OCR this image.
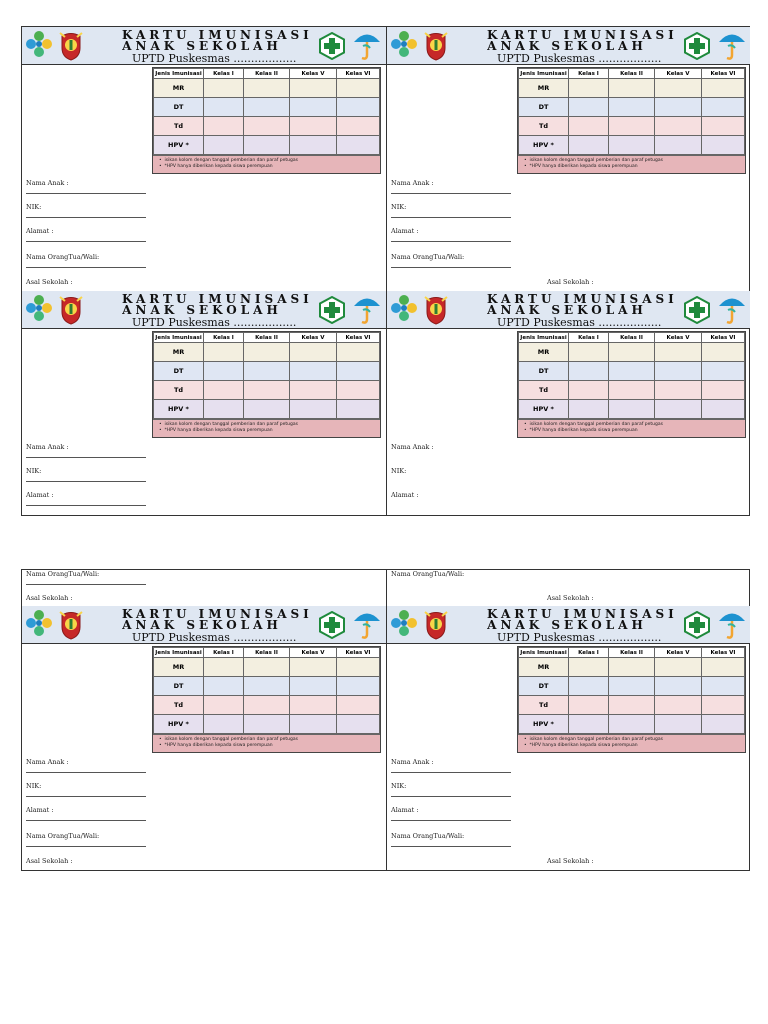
KARTU IMUNISASI
ANAK SEKOLAH
UPTD Puskesmas ..................
Jenis Imunisasi	Kelas I	Kelas II	Kelas V	Kelas VI
MR				
DT				
Td				
HPV *				
•  isikan kolom dengan tanggal pemberian dan paraf petugas
•  *HPV hanya diberikan kepada siswa perempuan
Nama Anak :
NIK:
Alamat :
Nama OrangTua/Wali:
Asal Sekolah :
KARTU IMUNISASI
ANAK SEKOLAH
UPTD Puskesmas ..................
Jenis Imunisasi	Kelas I	Kelas II	Kelas V	Kelas VI
MR				
DT				
Td				
HPV *				
•  isikan kolom dengan tanggal pemberian dan paraf petugas
•  *HPV hanya diberikan kepada siswa perempuan
Nama Anak :
NIK:
Alamat :
Nama OrangTua/Wali:
Asal Sekolah :
KARTU IMUNISASI
ANAK SEKOLAH
UPTD Puskesmas ..................
Jenis Imunisasi	Kelas I	Kelas II	Kelas V	Kelas VI
MR				
DT				
Td				
HPV *				
•  isikan kolom dengan tanggal pemberian dan paraf petugas
•  *HPV hanya diberikan kepada siswa perempuan
Nama Anak :
NIK:
Alamat :
KARTU IMUNISASI
ANAK SEKOLAH
UPTD Puskesmas ..................
Jenis Imunisasi	Kelas I	Kelas II	Kelas V	Kelas VI
MR				
DT				
Td				
HPV *				
•  isikan kolom dengan tanggal pemberian dan paraf petugas
•  *HPV hanya diberikan kepada siswa perempuan
Nama Anak :
NIK:
Alamat :
Nama OrangTua/Wali:
Asal Sekolah :
Nama OrangTua/Wali:
Asal Sekolah :
KARTU IMUNISASI
ANAK SEKOLAH
UPTD Puskesmas ..................
Jenis Imunisasi	Kelas I	Kelas II	Kelas V	Kelas VI
MR				
DT				
Td				
HPV *				
•  isikan kolom dengan tanggal pemberian dan paraf petugas
•  *HPV hanya diberikan kepada siswa perempuan
Nama Anak :
NIK:
Alamat :
Nama OrangTua/Wali:
Asal Sekolah :
KARTU IMUNISASI
ANAK SEKOLAH
UPTD Puskesmas ..................
Jenis Imunisasi	Kelas I	Kelas II	Kelas V	Kelas VI
MR				
DT				
Td				
HPV *				
•  isikan kolom dengan tanggal pemberian dan paraf petugas
•  *HPV hanya diberikan kepada siswa perempuan
Nama Anak :
NIK:
Alamat :
Nama OrangTua/Wali:
Asal Sekolah :
